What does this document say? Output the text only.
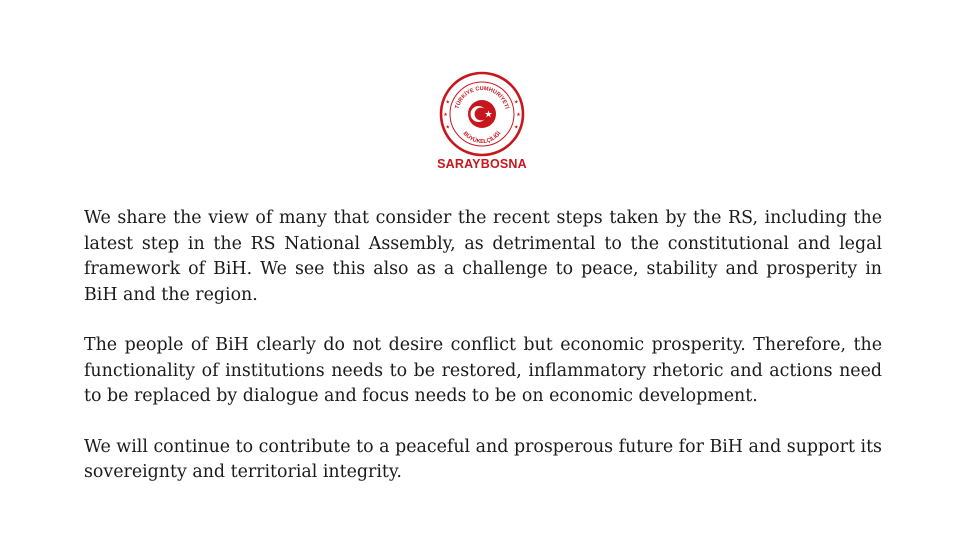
★
★	★
★
★	★
TÜRKİYE CUMHURİYETİ
BÜYÜKELÇİLİĞİ
SARAYBOSNA

We share the view of many that consider the recent steps taken by the RS, including the latest step in the RS National Assembly, as detrimental to the constitutional and legal framework of BiH. We see this also as a challenge to peace, stability and prosperity in BiH and the region.

The people of BiH clearly do not desire conflict but economic prosperity. Therefore, the functionality of institutions needs to be restored, inflammatory rhetoric and actions need to be replaced by dialogue and focus needs to be on economic development.

We will continue to contribute to a peaceful and prosperous future for BiH and support its sovereignty and territorial integrity.
